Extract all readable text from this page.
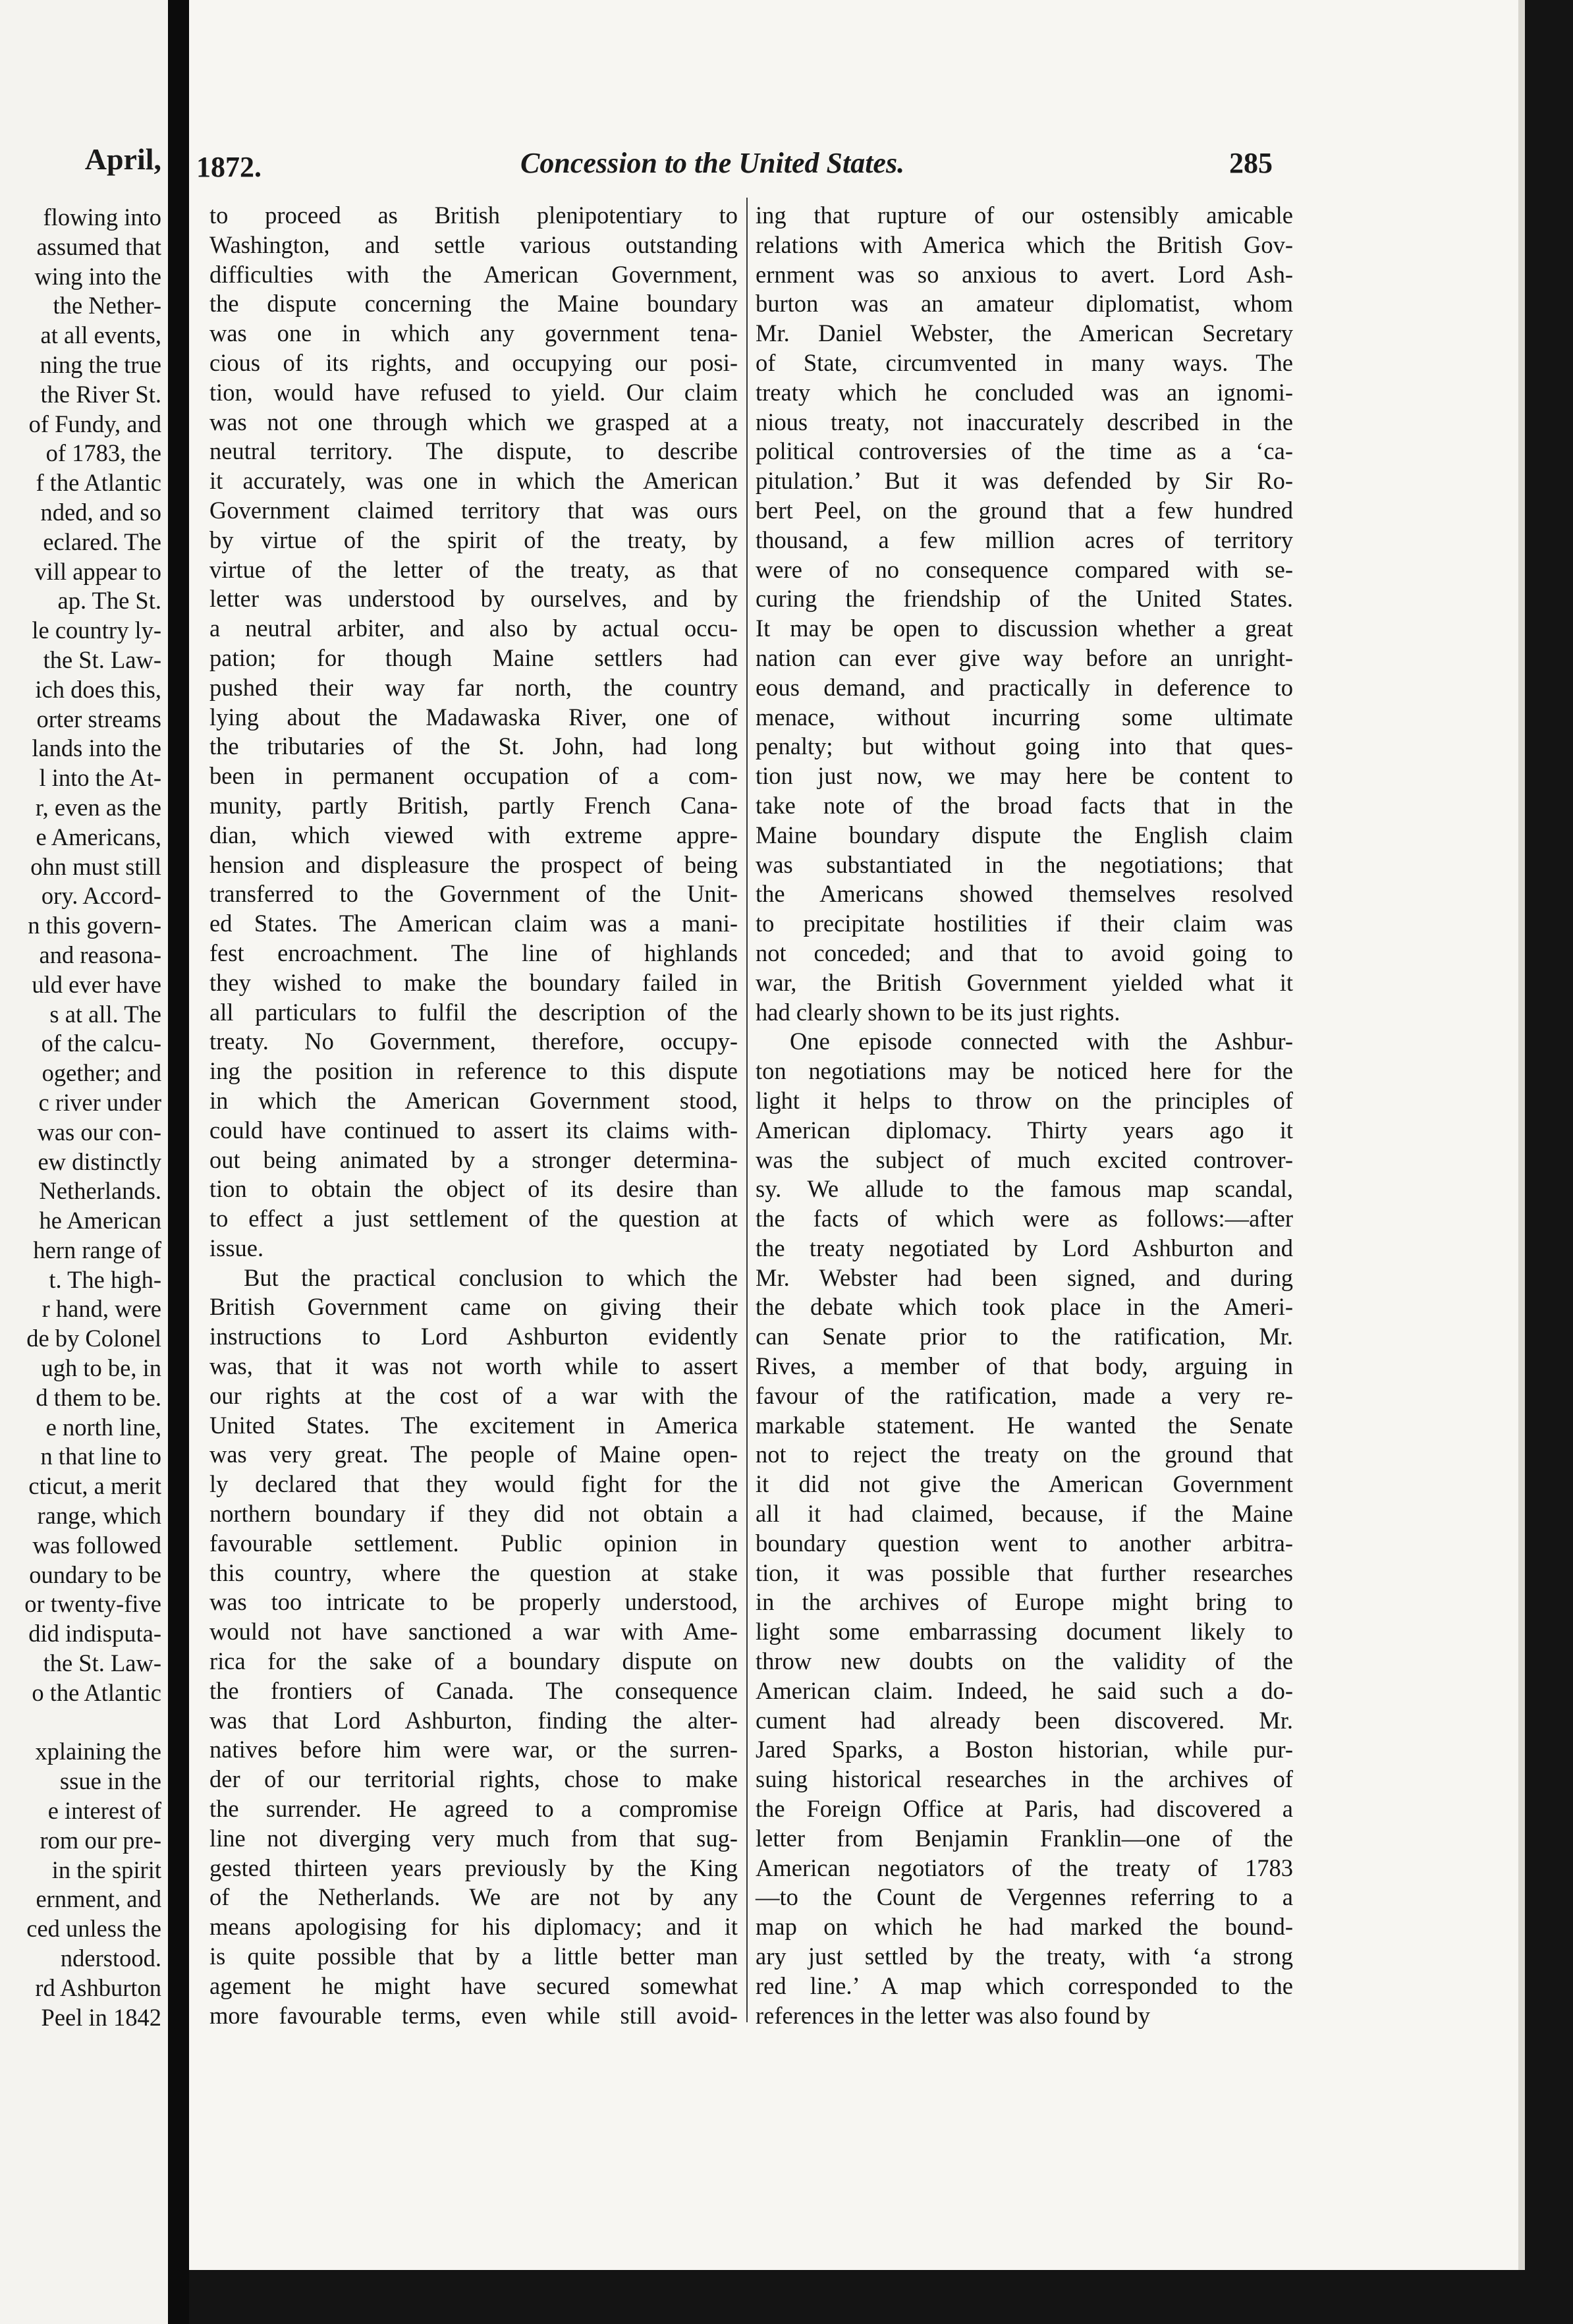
April,
flowing into
assumed that
wing into the
the Nether-
at all events,
ning the true
the River St.
of Fundy, and
of 1783, the
f the Atlantic
nded, and so
eclared. The
vill appear to
ap. The St.
le country ly-
the St. Law-
ich does this,
orter streams
lands into the
l into the At-
r, even as the
e Americans,
ohn must still
ory. Accord-
n this govern-
and reasona-
uld ever have
s at all. The
of the calcu-
ogether; and
c river under
was our con-
ew distinctly
Netherlands.
he American
hern range of
t. The high-
r hand, were
de by Colonel
ugh to be, in
d them to be.
e north line,
n that line to
cticut, a merit
range, which
was followed
oundary to be
or twenty-five
did indisputa-
the St. Law-
o the Atlantic
xplaining the
ssue in the
e interest of
rom our pre-
in the spirit
ernment, and
ced unless the
nderstood.
rd Ashburton
Peel in 1842
1872.	Concession to the United States.	285
to proceed as British plenipotentiary to
Washington, and settle various outstanding
difficulties with the American Government,
the dispute concerning the Maine boundary
was one in which any government tena-
cious of its rights, and occupying our posi-
tion, would have refused to yield. Our claim
was not one through which we grasped at a
neutral territory. The dispute, to describe
it accurately, was one in which the American
Government claimed territory that was ours
by virtue of the spirit of the treaty, by
virtue of the letter of the treaty, as that
letter was understood by ourselves, and by
a neutral arbiter, and also by actual occu-
pation; for though Maine settlers had
pushed their way far north, the country
lying about the Madawaska River, one of
the tributaries of the St. John, had long
been in permanent occupation of a com-
munity, partly British, partly French Cana-
dian, which viewed with extreme appre-
hension and displeasure the prospect of being
transferred to the Government of the Unit-
ed States. The American claim was a mani-
fest encroachment. The line of highlands
they wished to make the boundary failed in
all particulars to fulfil the description of the
treaty. No Government, therefore, occupy-
ing the position in reference to this dispute
in which the American Government stood,
could have continued to assert its claims with-
out being animated by a stronger determina-
tion to obtain the object of its desire than
to effect a just settlement of the question at
issue.
But the practical conclusion to which the
British Government came on giving their
instructions to Lord Ashburton evidently
was, that it was not worth while to assert
our rights at the cost of a war with the
United States. The excitement in America
was very great. The people of Maine open-
ly declared that they would fight for the
northern boundary if they did not obtain a
favourable settlement. Public opinion in
this country, where the question at stake
was too intricate to be properly understood,
would not have sanctioned a war with Ame-
rica for the sake of a boundary dispute on
the frontiers of Canada. The consequence
was that Lord Ashburton, finding the alter-
natives before him were war, or the surren-
der of our territorial rights, chose to make
the surrender. He agreed to a compromise
line not diverging very much from that sug-
gested thirteen years previously by the King
of the Netherlands. We are not by any
means apologising for his diplomacy; and it
is quite possible that by a little better man
agement he might have secured somewhat
more favourable terms, even while still avoid-
ing that rupture of our ostensibly amicable
relations with America which the British Gov-
ernment was so anxious to avert. Lord Ash-
burton was an amateur diplomatist, whom
Mr. Daniel Webster, the American Secretary
of State, circumvented in many ways. The
treaty which he concluded was an ignomi-
nious treaty, not inaccurately described in the
political controversies of the time as a ‘ca-
pitulation.’ But it was defended by Sir Ro-
bert Peel, on the ground that a few hundred
thousand, a few million acres of territory
were of no consequence compared with se-
curing the friendship of the United States.
It may be open to discussion whether a great
nation can ever give way before an unright-
eous demand, and practically in deference to
menace, without incurring some ultimate
penalty; but without going into that ques-
tion just now, we may here be content to
take note of the broad facts that in the
Maine boundary dispute the English claim
was substantiated in the negotiations; that
the Americans showed themselves resolved
to precipitate hostilities if their claim was
not conceded; and that to avoid going to
war, the British Government yielded what it
had clearly shown to be its just rights.
One episode connected with the Ashbur-
ton negotiations may be noticed here for the
light it helps to throw on the principles of
American diplomacy. Thirty years ago it
was the subject of much excited controver-
sy. We allude to the famous map scandal,
the facts of which were as follows:—after
the treaty negotiated by Lord Ashburton and
Mr. Webster had been signed, and during
the debate which took place in the Ameri-
can Senate prior to the ratification, Mr.
Rives, a member of that body, arguing in
favour of the ratification, made a very re-
markable statement. He wanted the Senate
not to reject the treaty on the ground that
it did not give the American Government
all it had claimed, because, if the Maine
boundary question went to another arbitra-
tion, it was possible that further researches
in the archives of Europe might bring to
light some embarrassing document likely to
throw new doubts on the validity of the
American claim. Indeed, he said such a do-
cument had already been discovered. Mr.
Jared Sparks, a Boston historian, while pur-
suing historical researches in the archives of
the Foreign Office at Paris, had discovered a
letter from Benjamin Franklin—one of the
American negotiators of the treaty of 1783
—to the Count de Vergennes referring to a
map on which he had marked the bound-
ary just settled by the treaty, with ‘a strong
red line.’ A map which corresponded to the
references in the letter was also found by
